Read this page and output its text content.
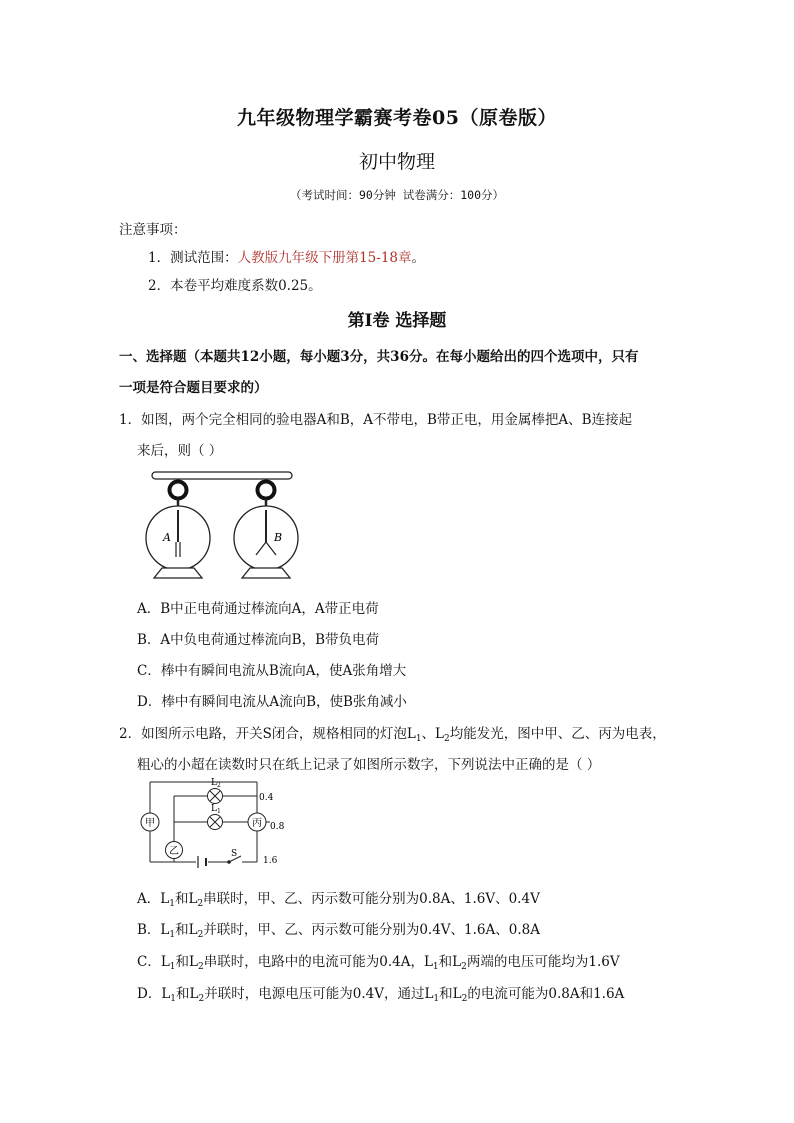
九年级物理学霸赛考卷05（原卷版）
初中物理
（考试时间：90分钟 试卷满分：100分）
注意事项：
1．测试范围：人教版九年级下册第15-18章。
2．本卷平均难度系数0.25。
第Ⅰ卷 选择题
一、选择题（本题共12小题，每小题3分，共36分。在每小题给出的四个选项中，只有
一项是符合题目要求的）
1．如图，两个完全相同的验电器A和B，A不带电，B带正电，用金属棒把A、B连接起
来后，则（ ）
A	B
A．B中正电荷通过棒流向A，A带正电荷
B．A中负电荷通过棒流向B，B带负电荷
C．棒中有瞬间电流从B流向A，使A张角增大
D．棒中有瞬间电流从A流向B，使B张角减小
2．如图所示电路，开关S闭合，规格相同的灯泡$L_1$、$L_2$均能发光，图中甲、乙、丙为电表，
粗心的小超在读数时只在纸上记录了如图所示数字，下列说法中正确的是（ ）
L 2
L 1
甲	丙
乙	S
0.4
0.8
1.6
A．$L_1$和$L_2$串联时，甲、乙、丙示数可能分别为0.8A、1.6V、0.4V
B．$L_1$和$L_2$并联时，甲、乙、丙示数可能分别为0.4V、1.6A、0.8A
C．$L_1$和$L_2$串联时，电路中的电流可能为0.4A，$L_1$和$L_2$两端的电压可能均为1.6V
D．$L_1$和$L_2$并联时，电源电压可能为0.4V，通过$L_1$和$L_2$的电流可能为0.8A和1.6A
